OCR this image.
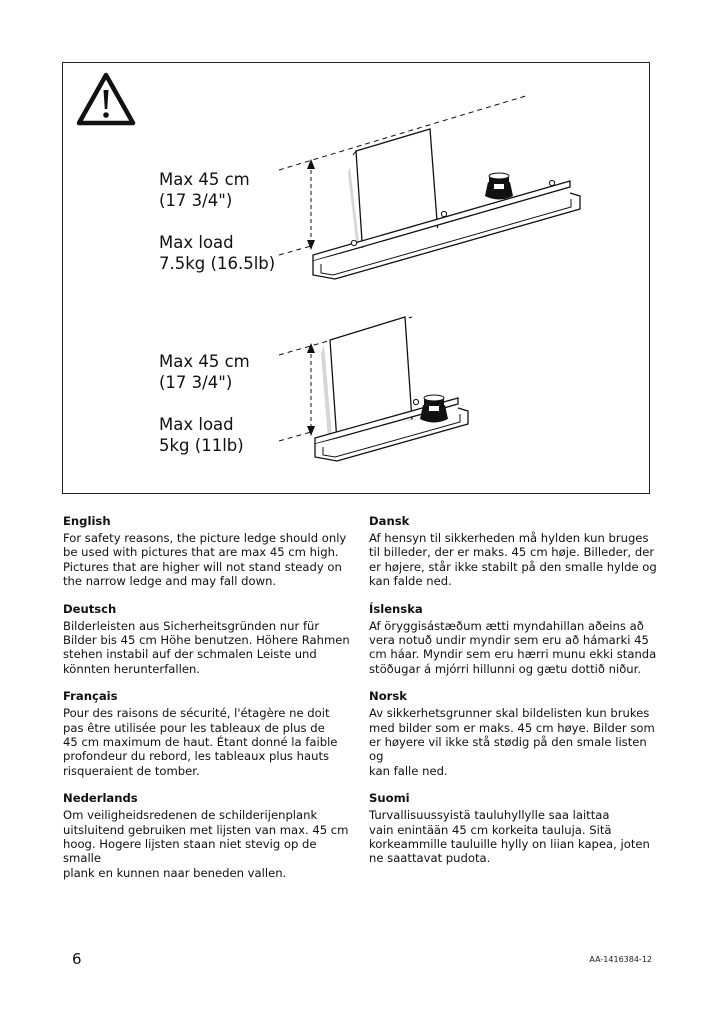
Max 45 cm
(17 3/4")
Max load
7.5kg (16.5lb)
Max 45 cm
(17 3/4")
Max load
5kg (11lb)
English

For safety reasons, the picture ledge should only
be used with pictures that are max 45 cm high.
Pictures that are higher will not stand steady on
the narrow ledge and may fall down.

Deutsch

Bilderleisten aus Sicherheitsgründen nur für
Bilder bis 45 cm Höhe benutzen. Höhere Rahmen
stehen instabil auf der schmalen Leiste und
könnten herunterfallen.

Français

Pour des raisons de sécurité, l'étagère ne doit
pas être utilisée pour les tableaux de plus de
45 cm maximum de haut. Étant donné la faible
profondeur du rebord, les tableaux plus hauts
risqueraient de tomber.

Nederlands

Om veiligheidsredenen de schilderijenplank
uitsluitend gebruiken met lijsten van max. 45 cm
hoog. Hogere lijsten staan niet stevig op de smalle
plank en kunnen naar beneden vallen.

Dansk

Af hensyn til sikkerheden må hylden kun bruges
til billeder, der er maks. 45 cm høje. Billeder, der
er højere, står ikke stabilt på den smalle hylde og
kan falde ned.

Íslenska

Af öryggisástæðum ætti myndahillan aðeins að
vera notuð undir myndir sem eru að hámarki 45
cm háar. Myndir sem eru hærri munu ekki standa
stöðugar á mjórri hillunni og gætu dottið niður.

Norsk

Av sikkerhetsgrunner skal bildelisten kun brukes
med bilder som er maks. 45 cm høye. Bilder som
er høyere vil ikke stå stødig på den smale listen og
kan falle ned.

Suomi

Turvallisuussyistä tauluhyllylle saa laittaa
vain enintään 45 cm korkeita tauluja. Sitä
korkeammille tauluille hylly on liian kapea, joten
ne saattavat pudota.

6	AA-1416384-12
